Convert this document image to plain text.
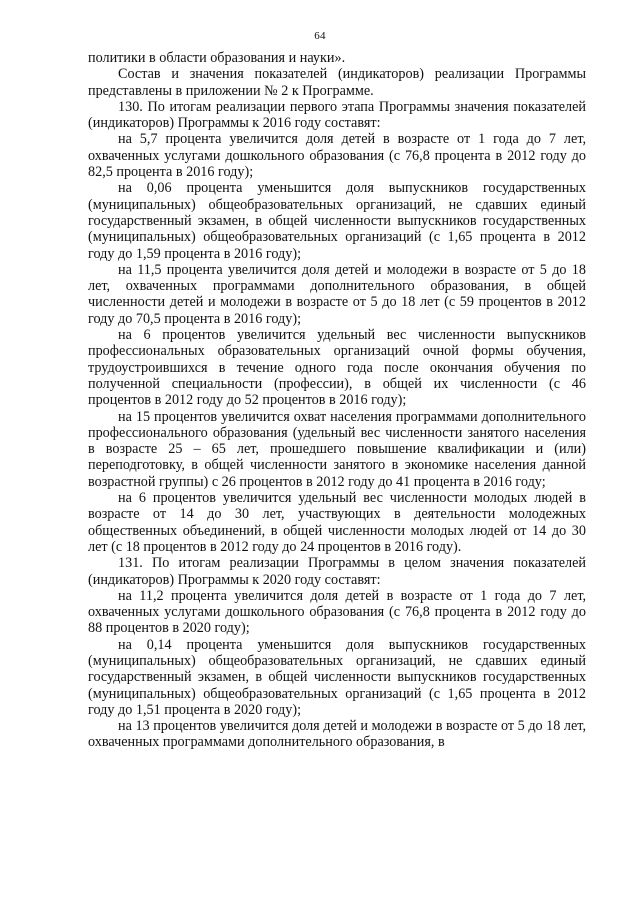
64

политики в области образования и науки».

Состав и значения показателей (индикаторов) реализации Программы представлены в приложении № 2 к Программе.

130. По итогам реализации первого этапа Программы значения показателей (индикаторов) Программы к 2016 году составят:

на 5,7 процента увеличится доля детей в возрасте от 1 года до 7 лет, охваченных услугами дошкольного образования (с 76,8 процента в 2012 году до 82,5 процента в 2016 году);

на 0,06 процента уменьшится доля выпускников государственных (муниципальных) общеобразовательных организаций, не сдавших единый государственный экзамен, в общей численности выпускников государственных (муниципальных) общеобразовательных организаций (с 1,65 процента в 2012 году до 1,59 процента в 2016 году);

на 11,5 процента увеличится доля детей и молодежи в возрасте от 5 до 18 лет, охваченных программами дополнительного образования, в общей численности детей и молодежи в возрасте от 5 до 18 лет (с 59 процентов в 2012 году до 70,5 процента в 2016 году);

на 6 процентов увеличится удельный вес численности выпускников профессиональных образовательных организаций очной формы обучения, трудоустроившихся в течение одного года после окончания обучения по полученной специальности (профессии), в общей их численности (с 46 процентов в 2012 году до 52 процентов в 2016 году);

на 15 процентов увеличится охват населения программами дополнительного профессионального образования (удельный вес численности занятого населения в возрасте 25 – 65 лет, прошедшего повышение квалификации и (или) переподготовку, в общей численности занятого в экономике населения данной возрастной группы) с 26 процентов в 2012 году до 41 процента в 2016 году;

на 6 процентов увеличится удельный вес численности молодых людей в возрасте от 14 до 30 лет, участвующих в деятельности молодежных общественных объединений, в общей численности молодых людей от 14 до 30 лет (с 18 процентов в 2012 году до 24 процентов в 2016 году).

131. По итогам реализации Программы в целом значения показателей (индикаторов) Программы к 2020 году составят:

на 11,2 процента увеличится доля детей в возрасте от 1 года до 7 лет, охваченных услугами дошкольного образования (с 76,8 процента в 2012 году до 88 процентов в 2020 году);

на 0,14 процента уменьшится доля выпускников государственных (муниципальных) общеобразовательных организаций, не сдавших единый государственный экзамен, в общей численности выпускников государственных (муниципальных) общеобразовательных организаций (с 1,65 процента в 2012 году до 1,51 процента в 2020 году);

на 13 процентов увеличится доля детей и молодежи в возрасте от 5 до 18 лет, охваченных программами дополнительного образования, в
